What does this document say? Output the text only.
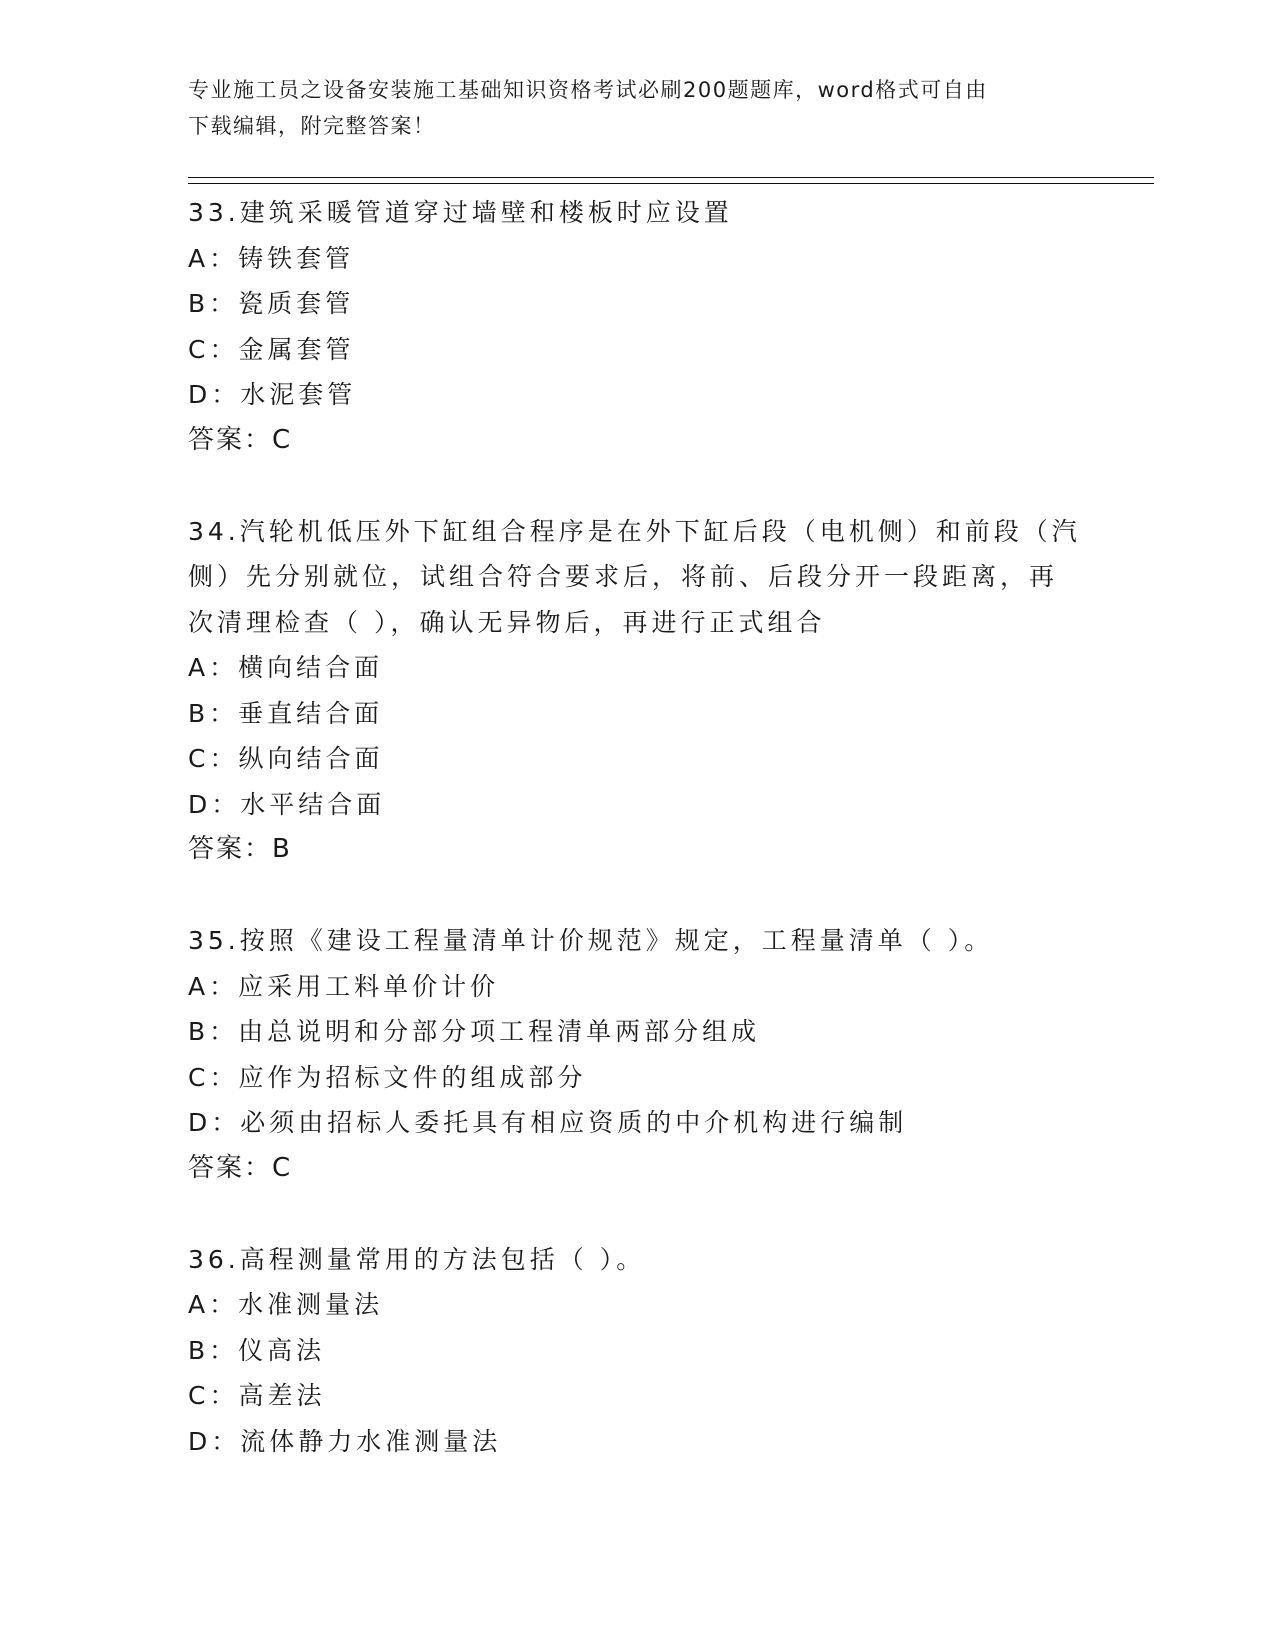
专业施工员之设备安装施工基础知识资格考试必刷200题题库，word格式可自由
下载编辑，附完整答案！
33.建筑采暖管道穿过墙壁和楼板时应设置
A：铸铁套管
B：瓷质套管
C：金属套管
D：水泥套管
答案：C
34.汽轮机低压外下缸组合程序是在外下缸后段（电机侧）和前段（汽
侧）先分别就位，试组合符合要求后，将前、后段分开一段距离，再
次清理检查（ ），确认无异物后，再进行正式组合
A：横向结合面
B：垂直结合面
C：纵向结合面
D：水平结合面
答案：B
35.按照《建设工程量清单计价规范》规定，工程量清单（ ）。
A：应采用工料单价计价
B：由总说明和分部分项工程清单两部分组成
C：应作为招标文件的组成部分
D：必须由招标人委托具有相应资质的中介机构进行编制
答案：C
36.高程测量常用的方法包括（ ）。
A：水准测量法
B：仪高法
C：高差法
D：流体静力水准测量法
